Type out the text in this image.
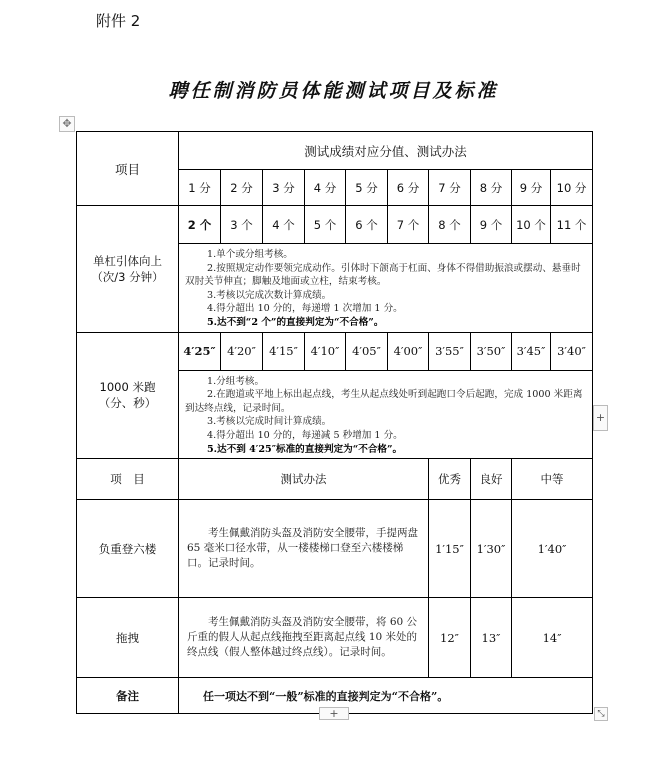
附件 2
聘任制消防员体能测试项目及标准
✥
项目	测试成绩对应分值、测试办法										
	1 分	2 分	3 分	4 分	5 分	6 分	7 分	8 分	9 分	10 分	

单杠引体向上
（次/3 分钟）	2 个	3 个	4 个	5 个	6 个	7 个	8 个	9 个	10 个	11 个	

	1.单个或分组考核。
2.按照规定动作要领完成动作。引体时下颌高于杠面、身体不得借助振浪或摆动、悬垂时双肘关节伸直；脚触及地面或立柱，结束考核。
3.考核以完成次数计算成绩。
4.得分超出 10 分的，每递增 1 次增加 1 分。
5.达不到“2 个”的直接判定为“不合格”。										

1000 米跑
（分、秒）	4′25″	4′20″	4′15″	4′10″	4′05″	4′00″	3′55″	3′50″	3′45″	3′40″	

	1.分组考核。
2.在跑道或平地上标出起点线，考生从起点线处听到起跑口令后起跑，完成 1000 米距离到达终点线，记录时间。
3.考核以完成时间计算成绩。
4.得分超出 10 分的，每递减 5 秒增加 1 分。
5.达不到 4′25″标准的直接判定为“不合格”。										

项　目	测试办法						优秀	良好	中等	
负重登六楼	考生佩戴消防头盔及消防安全腰带，手提两盘 65 毫米口径水带，从一楼楼梯口登至六楼楼梯口。记录时间。						1′15″	1′30″	1′40″	
拖拽	考生佩戴消防头盔及消防安全腰带，将 60 公斤重的假人从起点线拖拽至距离起点线 10 米处的终点线（假人整体越过终点线）。记录时间。						12″	13″	14″	
备注	任一项达不到“一般”标准的直接判定为“不合格”。										
+
+	⤡
